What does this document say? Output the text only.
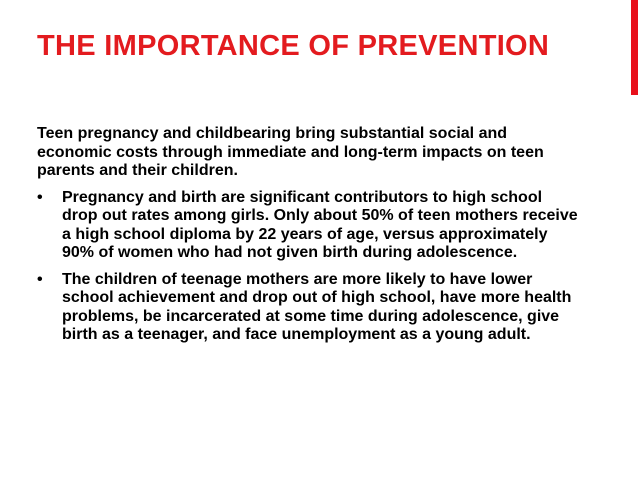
THE IMPORTANCE OF PREVENTION

Teen pregnancy and childbearing bring substantial social and economic costs through immediate and long-term impacts on teen parents and their children.

•	Pregnancy and birth are significant contributors to high school drop out rates among girls. Only about 50% of teen mothers receive a high school diploma by 22 years of age, versus approximately 90% of women who had not given birth during adolescence.
•	The children of teenage mothers are more likely to have lower school achievement and drop out of high school, have more health problems, be incarcerated at some time during adolescence, give birth as a teenager, and face unemployment as a young adult.
